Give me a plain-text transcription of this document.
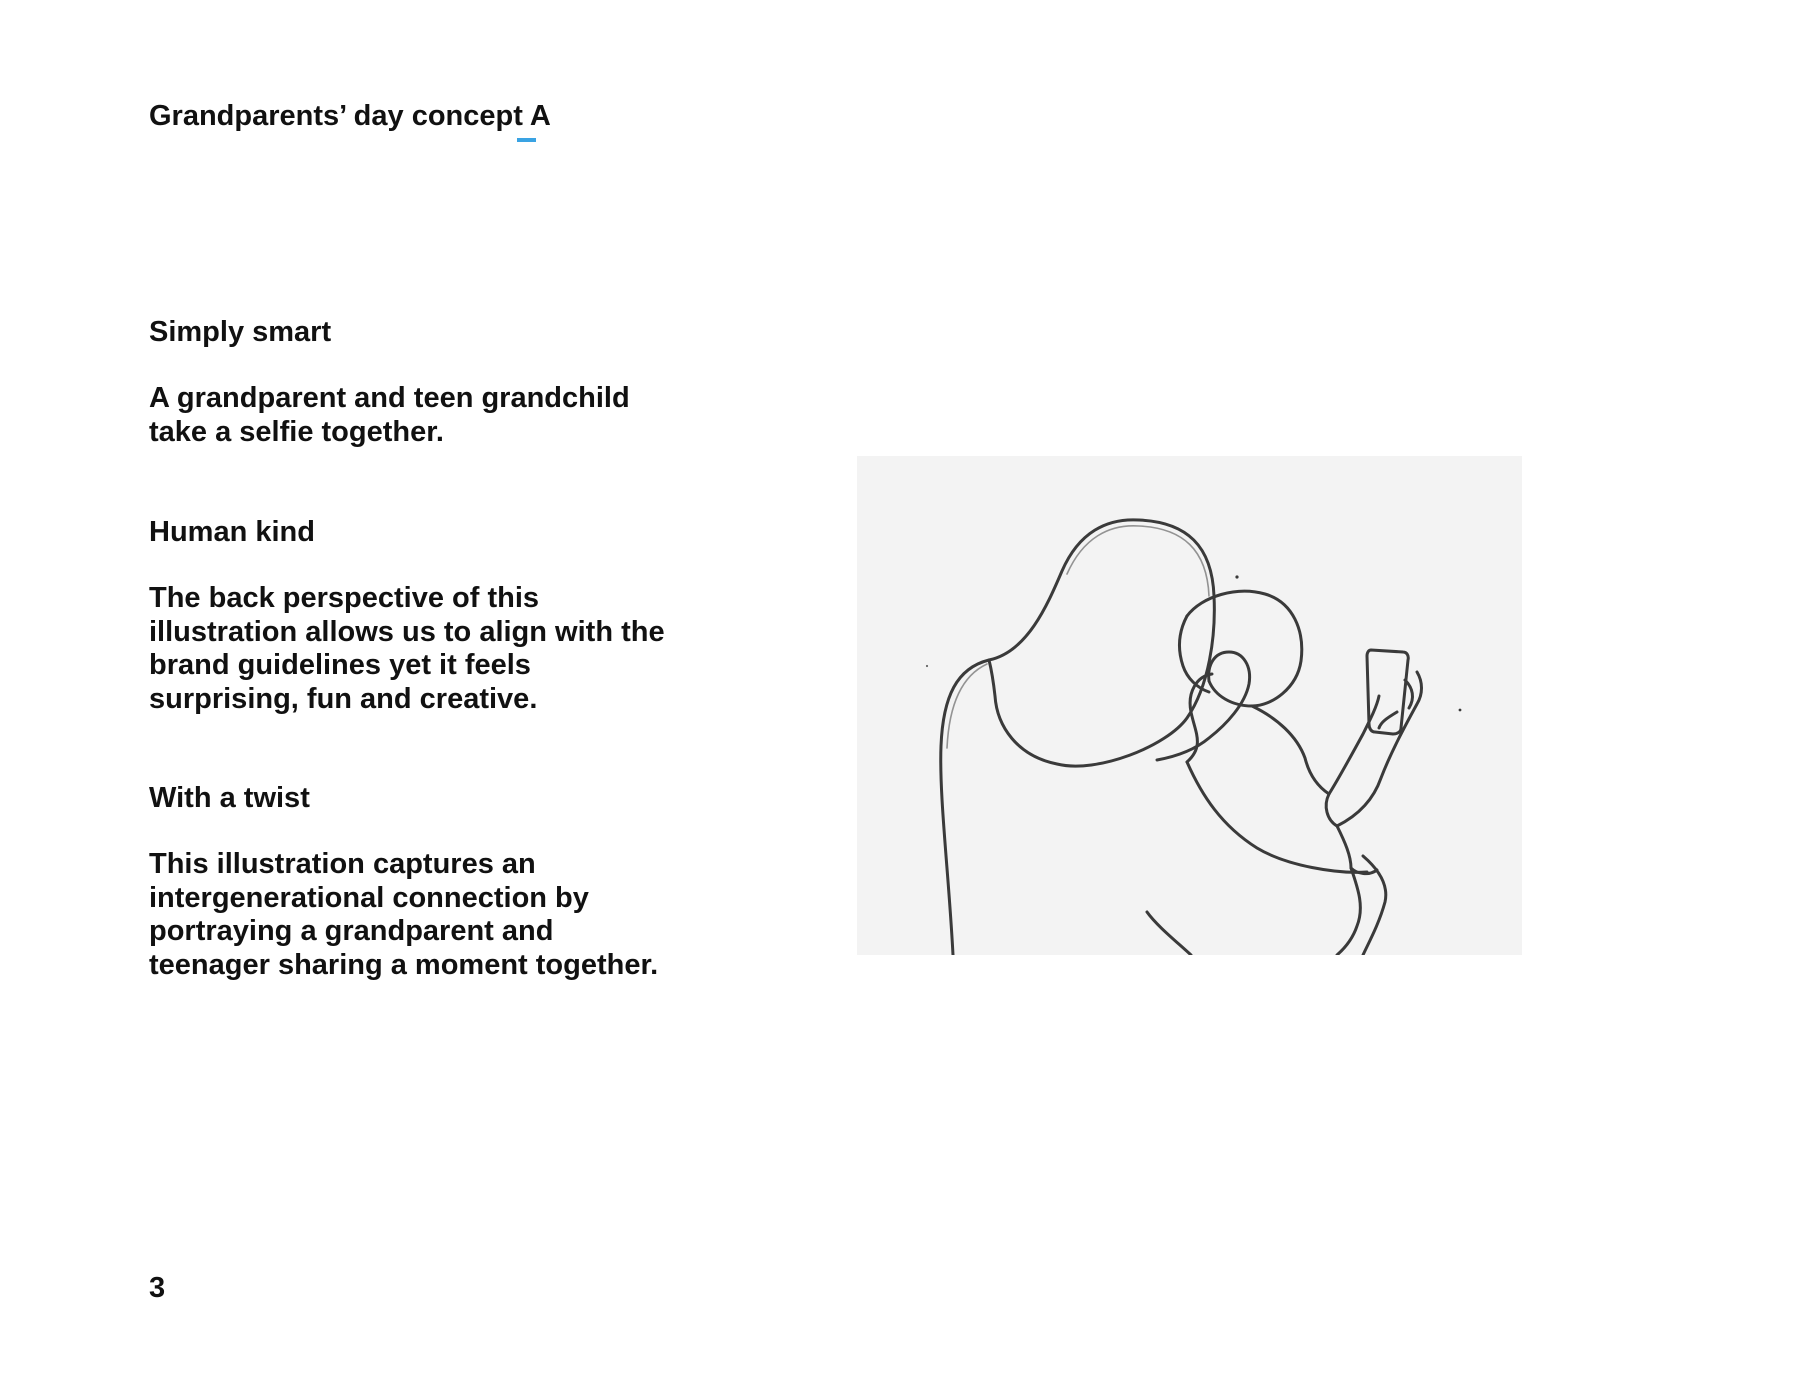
Grandparents’ day concept A
Simply smart

A grandparent and teen grandchild take a selfie together.

Human kind

The back perspective of this illustration allows us to align with the brand guidelines yet it feels surprising, fun and creative.

With a twist

This illustration captures an intergenerational connection by portraying a grandparent and teenager sharing a moment together.

3
